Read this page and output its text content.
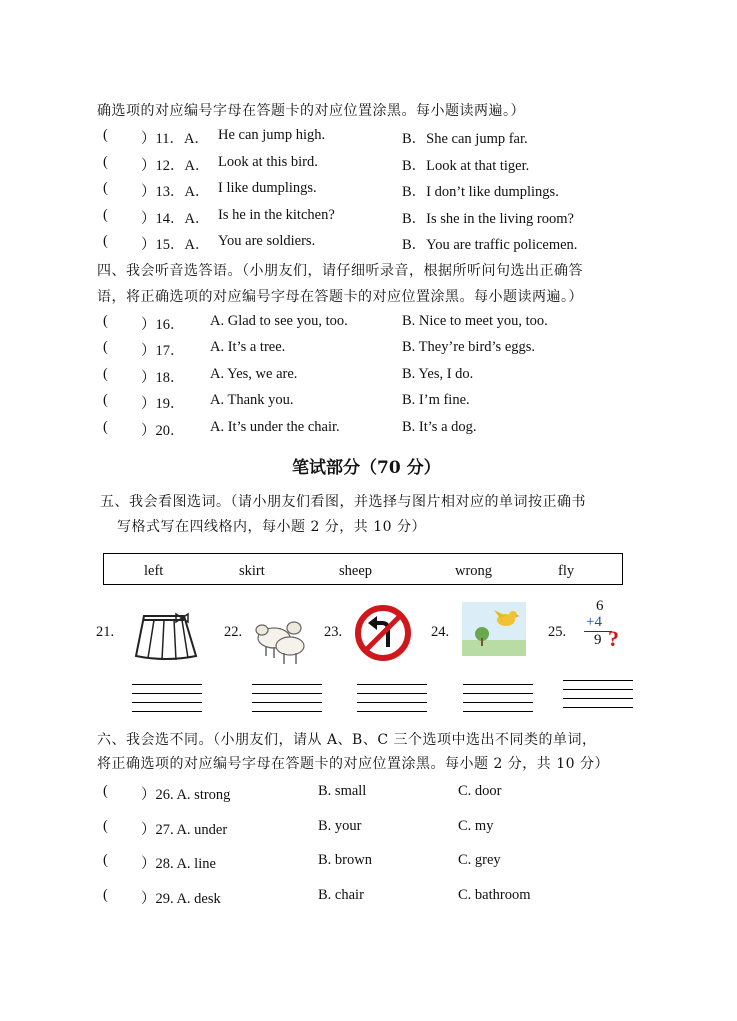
确选项的对应编号字母在答题卡的对应位置涂黑。每小题读两遍。）
( ）11．A． He can jump high.	B．She can jump far.
( ）12．A． Look at this bird.	B．Look at that tiger.
( ）13．A． I like dumplings.	B．I don’t like dumplings.
( ）14．A． Is he in the kitchen?	B．Is she in the living room?
( ）15．A． You are soldiers.	B．You are traffic policemen.
四、我会听音选答语。（小朋友们，请仔细听录音，根据所听问句选出正确答
语，将正确选项的对应编号字母在答题卡的对应位置涂黑。每小题读两遍。）
( ）16． A. Glad to see you, too.	B. Nice to meet you, too.
( ）17． A. It’s a tree.	B. They’re bird’s eggs.
( ）18． A. Yes, we are.	B. Yes, I do.
( ）19． A. Thank you.	B. I’m fine.
( ）20． A. It’s under the chair.	B. It’s a dog.
笔试部分（70 分）
五、我会看图选词。（请小朋友们看图，并选择与图片相对应的单词按正确书
写格式写在四线格内，每小题 2 分，共 10 分）
left	skirt	sheep	wrong	fly
21.	22.	23.	24.	25.
6
+4
9 ?
六、我会选不同。（小朋友们，请从 A、B、C 三个选项中选出不同类的单词，
将正确选项的对应编号字母在答题卡的对应位置涂黑。每小题 2 分，共 10 分）
( ）26. A. strong	B. small	C. door
( ）27. A. under	B. your	C. my
( ）28. A. line	B. brown	C. grey
( ）29. A. desk	B. chair	C. bathroom
